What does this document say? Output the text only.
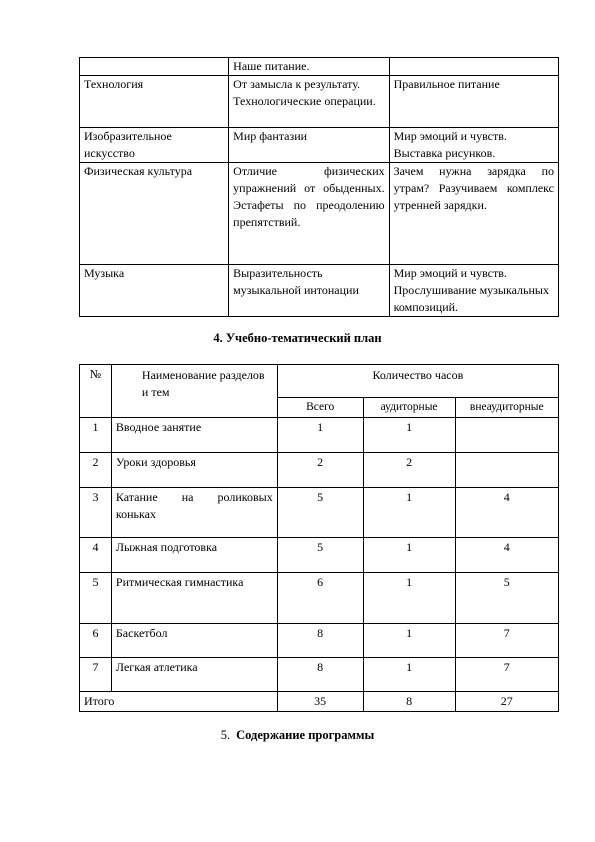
	Наше питание.	
Технология	От замысла к результату. Технологические операции.	Правильное питание
Изобразительное искусство	Мир фантазии	Мир эмоций и чувств. Выставка рисунков.
Физическая культура	Отличие физических упражнений от обыденных. Эстафеты по преодолению препятствий.	Зачем нужна зарядка по утрам? Разучиваем комплекс утренней зарядки.
Музыка	Выразительность музыкальной интонации	Мир эмоций и чувств. Прослушивание музыкальных композиций.
4. Учебно-тематический план
№	Наименование разделов и тем	Количество часов		
		Всего	аудиторные	внеаудиторные
1	Вводное занятие	1	1	
2	Уроки здоровья	2	2	
3	Катание на роликовых коньках	5	1	4
4	Лыжная подготовка	5	1	4
5	Ритмическая гимнастика	6	1	5
6	Баскетбол	8	1	7
7	Легкая атлетика	8	1	7
Итого		35	8	27
5. Содержание программы
